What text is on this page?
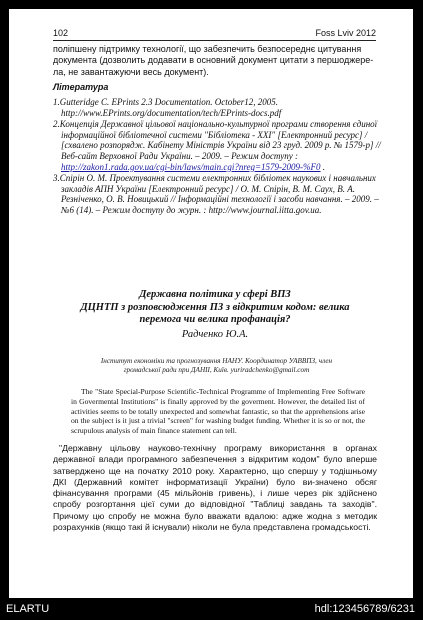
102	Foss Lviv 2012
поліпшену підтримку технології, що забезпечить безпосереднє цитування документа (дозволить додавати в основний документ цитати з першоджере-ла, не завантажуючи весь документ).
Література
1.Gutteridge C. EPrints 2.3 Documentation. October12, 2005. http://www.EPrints.org/documentation/tech/EPrints-docs.pdf
2.Концепція Державної цільової національно-культурної програми створення єдиної інформаційної бібліотечної системи "Бібліотека - XXI" [Електронний ресурс] / [схвалено розпорядж. Кабінету Міністрів України від 23 груд. 2009 р. № 1579-р] // Веб-сайт Верховної Ради України. – 2009. – Режим доступу : http://zakon1.rada.gov.ua/cgi-bin/laws/main.cgi?nreg=1579-2009-%F0 .
3.Спірін О. М. Проектування системи електронних бібліотек наукових і навчальних закладів АПН України [Електронний ресурс] / О. М. Спірін, В. М. Саух, В. А. Резніченко, О. В. Новицький // Інформаційні технології і засоби навчання. – 2009. – №6 (14). – Режим доступу до журн. : http://www.journal.iitta.gov.ua.
Державна політика у сфері ВПЗ
ДЦНТП з розповсюдження ПЗ з відкритим кодом: велика
перемога чи велика профанація?
Радченко Ю.А.
Інститут економіки та прогнозування НАНУ. Координатор УАВВПЗ, член
громадської ради при ДАНІІ, Київ. yuriradchenko@gmail.com
The "State Special-Purpose Scientific-Technical Programme of Implementing Free Software in Govermental Institutions" is finally approved by the goverment. However, the detailed list of activities seems to be totally unexpected and somewhat fantastic, so that the apprehensions arise on the subject is it just a trivial "screen" for washing budget funding. Whether it is so or not, the scrupulous analysis of main finance statement can tell.
"Державну цільову науково-технічну програму використання в органах державної влади програмного забезпечення з відкритим кодом" було вперше затверджено ще на початку 2010 року. Характерно, що спершу у тодішньому ДКІ (Державний комітет інформатизації України) було ви-значено обсяг фінансування програми (45 мільйонів гривень), і лише через рік здійснено спробу розгортання цієї суми до відповідної "Таблиці завдань та заходів". Причому цю спробу не можна було вважати вдалою: адже жодна з методик розрахунків (якщо такі й існували) ніколи не була представлена громадськості.
ELARTU	hdl:123456789/6231
